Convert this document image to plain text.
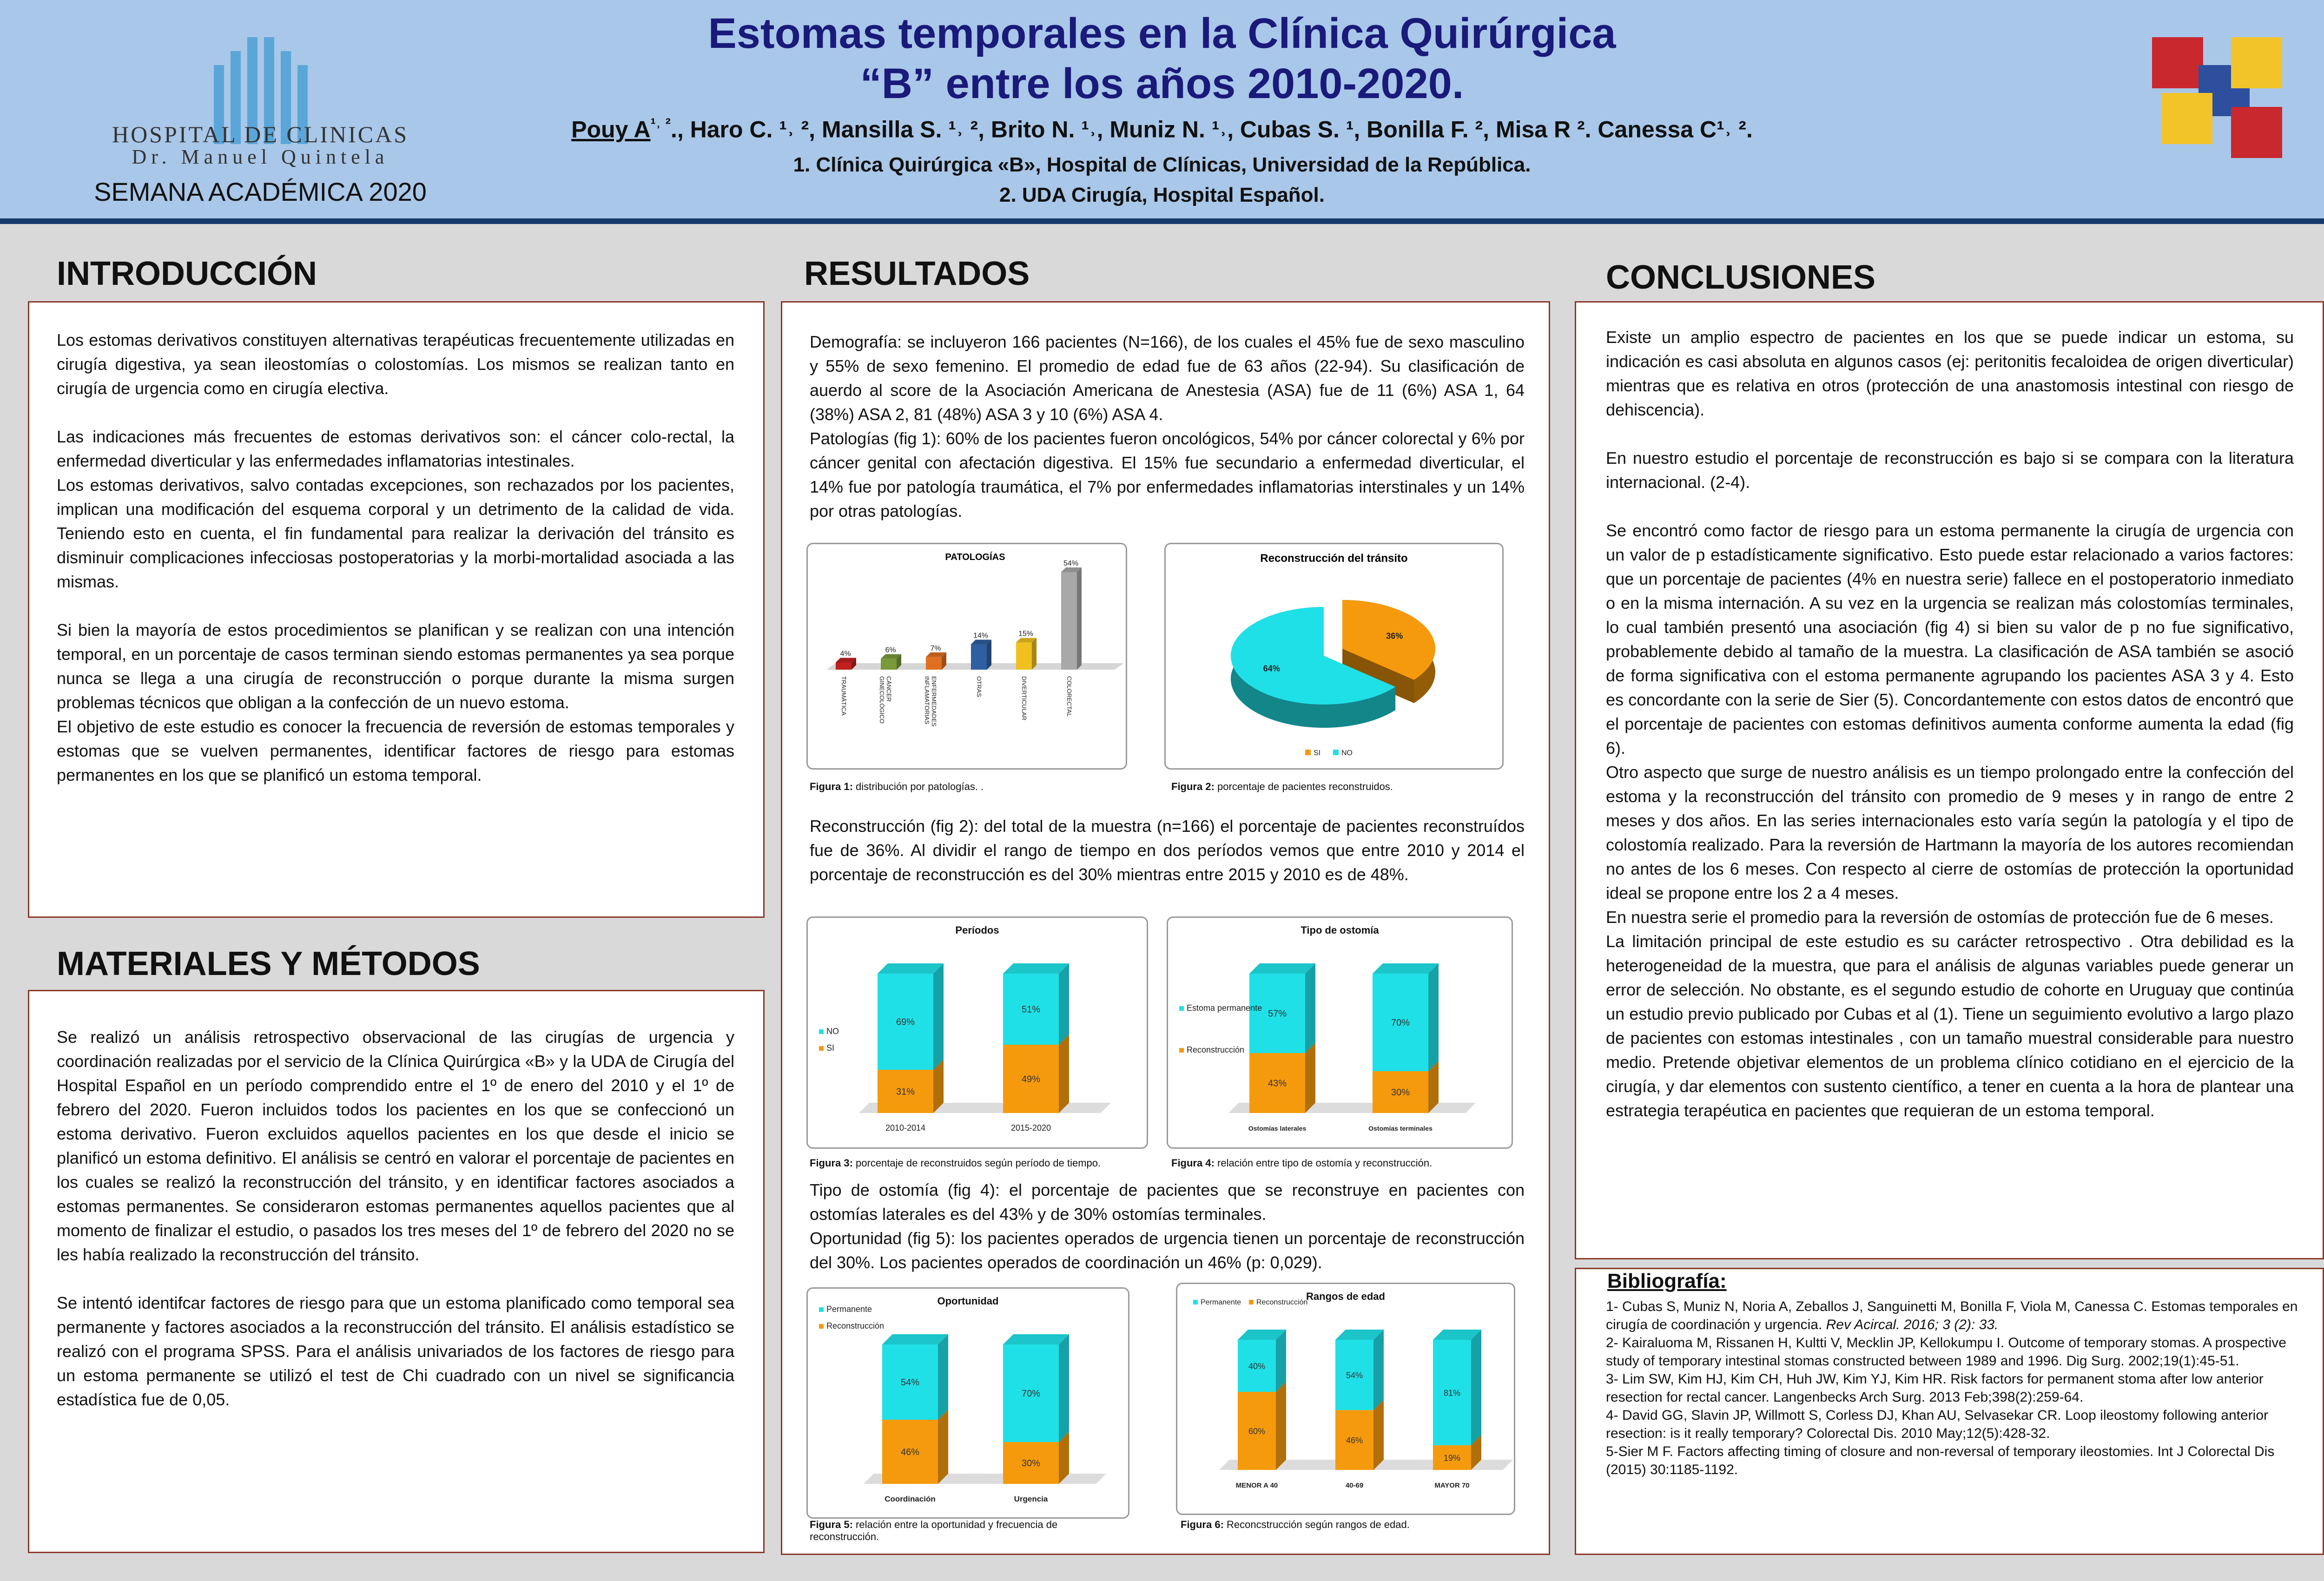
HOSPITAL DE CLINICAS
Dr. Manuel Quintela
SEMANA ACADÉMICA 2020
Estomas temporales en la Clínica Quirúrgica
“B” entre los años 2010-2020.
Pouy $A^{^1˒ ^2}$., Haro C. ¹˒ ², Mansilla S. ¹˒ ², Brito N. ¹˒, Muniz N. ¹˒, Cubas S. ¹, Bonilla F. ², Misa R ². Canessa C¹˒ ².
1. Clínica Quirúrgica «B», Hospital de Clínicas, Universidad de la República.
2. UDA Cirugía, Hospital Español.
INTRODUCCIÓN
MATERIALES Y MÉTODOS
RESULTADOS	CONCLUSIONES

Los estomas derivativos constituyen alternativas terapéuticas frecuentemente utilizadas en cirugía digestiva, ya sean ileostomías o colostomías. Los mismos se realizan tanto en cirugía de urgencia como en cirugía electiva.

Las indicaciones más frecuentes de estomas derivativos son: el cáncer colo-rectal, la enfermedad diverticular y las enfermedades inflamatorias intestinales.

Los estomas derivativos, salvo contadas excepciones, son rechazados por los pacientes, implican una modificación del esquema corporal y un detrimento de la calidad de vida. Teniendo esto en cuenta, el fin fundamental para realizar la derivación del tránsito es disminuir complicaciones infecciosas postoperatorias y la morbi-mortalidad asociada a las mismas.

Si bien la mayoría de estos procedimientos se planifican y se realizan con una intención temporal, en un porcentaje de casos terminan siendo estomas permanentes ya sea porque nunca se llega a una cirugía de reconstrucción o porque durante la misma surgen problemas técnicos que obligan a la confección de un nuevo estoma.

El objetivo de este estudio es conocer la frecuencia de reversión de estomas temporales y estomas que se vuelven permanentes, identificar factores de riesgo para estomas permanentes en los que se planificó un estoma temporal.

Se realizó un análisis retrospectivo observacional de las cirugías de urgencia y coordinación realizadas por el servicio de la Clínica Quirúrgica «B» y la UDA de Cirugía del Hospital Español en un período comprendido entre el 1º de enero del 2010 y el 1º de febrero del 2020. Fueron incluidos todos los pacientes en los que se confeccionó un estoma derivativo. Fueron excluidos aquellos pacientes en los que desde el inicio se planificó un estoma definitivo. El análisis se centró en valorar el porcentaje de pacientes en los cuales se realizó la reconstrucción del tránsito, y en identificar factores asociados a estomas permanentes. Se consideraron estomas permanentes aquellos pacientes que al momento de finalizar el estudio, o pasados los tres meses del 1º de febrero del 2020 no se les había realizado la reconstrucción del tránsito.

Se intentó identifcar factores de riesgo para que un estoma planificado como temporal sea permanente y factores asociados a la reconstrucción del tránsito. El análisis estadístico se realizó con el programa SPSS. Para el análisis univariados de los factores de riesgo para un estoma permanente se utilizó el test de Chi cuadrado con un nivel se significancia estadística fue de 0,05.

Demografía: se incluyeron 166 pacientes (N=166), de los cuales el 45% fue de sexo masculino y 55% de sexo femenino. El promedio de edad fue de 63 años (22-94). Su clasificación de auerdo al score de la Asociación Americana de Anestesia (ASA) fue de 11 (6%) ASA 1, 64 (38%) ASA 2, 81 (48%) ASA 3 y 10 (6%) ASA 4.

Patologías (fig 1): 60% de los pacientes fueron oncológicos, 54% por cáncer colorectal y 6% por cáncer genital con afectación digestiva. El 15% fue secundario a enfermedad diverticular, el 14% fue por patología traumática, el 7% por enfermedades inflamatorias interstinales y un 14% por otras patologías.

Reconstrucción (fig 2): del total de la muestra (n=166) el porcentaje de pacientes reconstruídos fue de 36%. Al dividir el rango de tiempo en dos períodos vemos que entre 2010 y 2014 el porcentaje de reconstrucción es del 30% mientras entre 2015 y 2010 es de 48%.

Tipo de ostomía (fig 4): el porcentaje de pacientes que se reconstruye en pacientes con ostomías laterales es del 43% y de 30% ostomías terminales.

Oportunidad (fig 5): los pacientes operados de urgencia tienen un porcentaje de reconstrucción del 30%. Los pacientes operados de coordinación un 46% (p: 0,029).

PATOLOGÍAS
4%
TRAUMÁTICA
6%
CÁNCERGINECOLÓGICO
7%
ENFERMEDADESINFLAMATORIAS
14%
OTRAS
15%
DIVERTICULAR
54%
COLORECTAL
Figura 1: distribución por patologías. .
Reconstrucción del tránsito
36%
64%
SI	NO
Figura 2: porcentaje de pacientes reconstruidos.
Períodos
31%
69%
2010-2014
49%
51%
2015-2020
NO
SI
Figura 3: porcentaje de reconstruidos según período de tiempo.
Tipo de ostomía
43%
57%
Ostomías laterales
30%
70%
Ostomías terminales
Estoma permanente
Reconstrucción
Figura 4: relación entre tipo de ostomía y reconstrucción.
Oportunidad
46%
54%
Coordinación
30%
70%
Urgencia
Permanente
Reconstrucción
Figura 5: relación entre la oportunidad y frecuencia de reconstrucción.
Rangos de edad
60%
40%
MENOR A 40
46%
54%
40-69
19%
81%
MAYOR 70
Permanente Reconstrucción
Figura 6: Reconcstrucción según rangos de edad.

Existe un amplio espectro de pacientes en los que se puede indicar un estoma, su indicación es casi absoluta en algunos casos (ej: peritonitis fecaloidea de origen diverticular) mientras que es relativa en otros (protección de una anastomosis intestinal con riesgo de dehiscencia).

En nuestro estudio el porcentaje de reconstrucción es bajo si se compara con la literatura internacional. (2-4).

Se encontró como factor de riesgo para un estoma permanente la cirugía de urgencia con un valor de p estadísticamente significativo. Esto puede estar relacionado a varios factores: que un porcentaje de pacientes (4% en nuestra serie) fallece en el postoperatorio inmediato o en la misma internación. A su vez en la urgencia se realizan más colostomías terminales, lo cual también presentó una asociación (fig 4) si bien su valor de p no fue significativo, probablemente debido al tamaño de la muestra. La clasificación de ASA también se asoció de forma significativa con el estoma permanente agrupando los pacientes ASA 3 y 4. Esto es concordante con la serie de Sier (5). Concordantemente con estos datos de encontró que el porcentaje de pacientes con estomas definitivos aumenta conforme aumenta la edad (fig 6).

Otro aspecto que surge de nuestro análisis es un tiempo prolongado entre la confección del estoma y la reconstrucción del tránsito con promedio de 9 meses y in rango de entre 2 meses y dos años. En las series internacionales esto varía según la patología y el tipo de colostomía realizado. Para la reversión de Hartmann la mayoría de los autores recomiendan no antes de los 6 meses. Con respecto al cierre de ostomías de protección la oportunidad ideal se propone entre los 2 a 4 meses.

En nuestra serie el promedio para la reversión de ostomías de protección fue de 6 meses.

La limitación principal de este estudio es su carácter retrospectivo . Otra debilidad es la heterogeneidad de la muestra, que para el análisis de algunas variables puede generar un error de selección. No obstante, es el segundo estudio de cohorte en Uruguay que continúa un estudio previo publicado por Cubas et al (1). Tiene un seguimiento evolutivo a largo plazo de pacientes con estomas intestinales , con un tamaño muestral considerable para nuestro medio. Pretende objetivar elementos de un problema clínico cotidiano en el ejercicio de la cirugía, y dar elementos con sustento científico, a tener en cuenta a la hora de plantear una estrategia terapéutica en pacientes que requieran de un estoma temporal.

Bibliografía:

1- Cubas S, Muniz N, Noria A, Zeballos J, Sanguinetti M, Bonilla F, Viola M, Canessa C. Estomas temporales en cirugía de coordinación y urgencia. Rev Acircal. 2016; 3 (2): 33.

2- Kairaluoma M, Rissanen H, Kultti V, Mecklin JP, Kellokumpu I. Outcome of temporary stomas. A prospective study of temporary intestinal stomas constructed between 1989 and 1996. Dig Surg. 2002;19(1):45-51.

3- Lim SW, Kim HJ, Kim CH, Huh JW, Kim YJ, Kim HR. Risk factors for permanent stoma after low anterior resection for rectal cancer. Langenbecks Arch Surg. 2013 Feb;398(2):259-64.

4- David GG, Slavin JP, Willmott S, Corless DJ, Khan AU, Selvasekar CR. Loop ileostomy following anterior resection: is it really temporary? Colorectal Dis. 2010 May;12(5):428-32.

5-Sier M F. Factors affecting timing of closure and non-reversal of temporary ileostomies. Int J Colorectal Dis (2015) 30:1185-1192.
